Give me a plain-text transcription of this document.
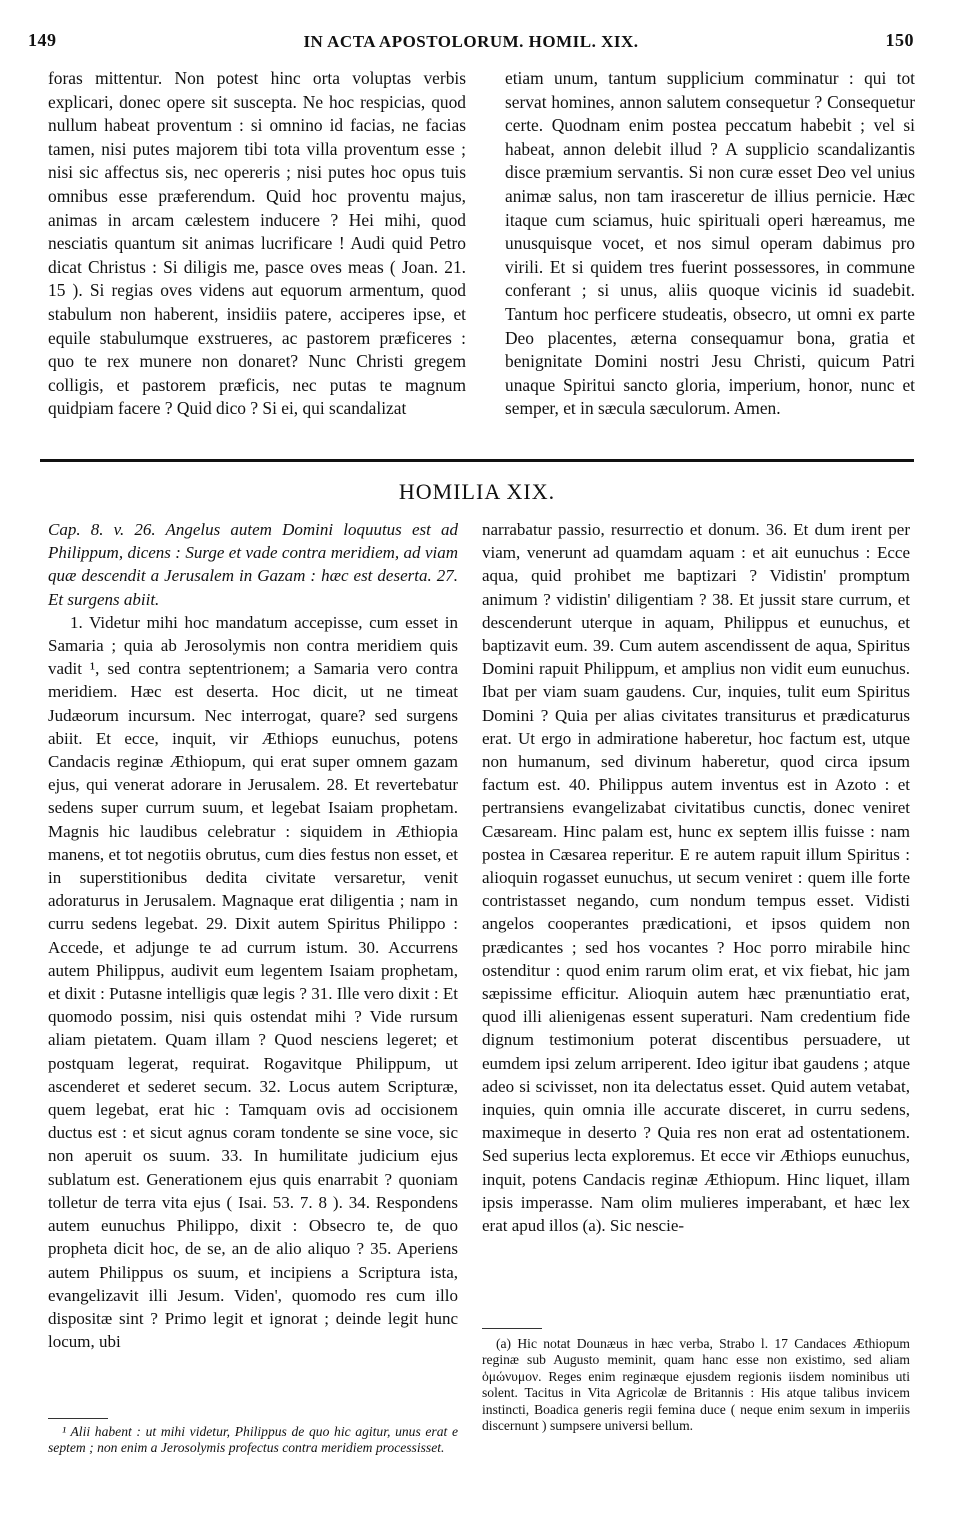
149	IN ACTA APOSTOLORUM. HOMIL. XIX.	150

foras mittentur. Non potest hinc orta voluptas verbis explicari, donec opere sit suscepta. Ne hoc respicias, quod nullum habeat proventum : si omnino id facias, ne facias tamen, nisi putes majorem tibi tota villa proventum esse ; nisi sic affectus sis, nec opereris ; nisi putes hoc opus tuis omnibus esse præferendum. Quid hoc proventu majus, animas in arcam cælestem inducere ? Hei mihi, quod nesciatis quantum sit animas lucrificare ! Audi quid Petro dicat Christus : Si diligis me, pasce oves meas ( Joan. 21. 15 ). Si regias oves videns aut equorum armentum, quod stabulum non haberent, insidiis patere, acciperes ipse, et equile stabulumque exstrueres, ac pastorem præficeres : quo te rex munere non donaret? Nunc Christi gregem colligis, et pastorem præficis, nec putas te magnum quidpiam facere ? Quid dico ? Si ei, qui scandalizat

etiam unum, tantum supplicium comminatur : qui tot servat homines, annon salutem consequetur ? Consequetur certe. Quodnam enim postea peccatum habebit ; vel si habeat, annon delebit illud ? A supplicio scandalizantis disce præmium servantis. Si non curæ esset Deo vel unius animæ salus, non tam irasceretur de illius pernicie. Hæc itaque cum sciamus, huic spirituali operi hæreamus, me unusquisque vocet, et nos simul operam dabimus pro virili. Et si quidem tres fuerint possessores, in commune conferant ; si unus, aliis quoque vicinis id suadebit. Tantum hoc perficere studeatis, obsecro, ut omni ex parte Deo placentes, æterna consequamur bona, gratia et benignitate Domini nostri Jesu Christi, quicum Patri unaque Spiritui sancto gloria, imperium, honor, nunc et semper, et in sæcula sæculorum. Amen.

HOMILIA XIX.

Cap. 8. v. 26. Angelus autem Domini loquutus est ad Philippum, dicens : Surge et vade contra meridiem, ad viam quæ descendit a Jerusalem in Gazam : hæc est deserta. 27. Et surgens abiit.

1. Videtur mihi hoc mandatum accepisse, cum esset in Samaria ; quia ab Jerosolymis non contra meridiem quis vadit ¹, sed contra septentrionem; a Samaria vero contra meridiem. Hæc est deserta. Hoc dicit, ut ne timeat Judæorum incursum. Nec interrogat, quare? sed surgens abiit. Et ecce, inquit, vir Æthiops eunuchus, potens Candacis reginæ Æthiopum, qui erat super omnem gazam ejus, qui venerat adorare in Jerusalem. 28. Et revertebatur sedens super currum suum, et legebat Isaiam prophetam. Magnis hic laudibus celebratur : siquidem in Æthiopia manens, et tot negotiis obrutus, cum dies festus non esset, et in superstitionibus dedita civitate versaretur, venit adoraturus in Jerusalem. Magnaque erat diligentia ; nam in curru sedens legebat. 29. Dixit autem Spiritus Philippo : Accede, et adjunge te ad currum istum. 30. Accurrens autem Philippus, audivit eum legentem Isaiam prophetam, et dixit : Putasne intelligis quæ legis ? 31. Ille vero dixit : Et quomodo possim, nisi quis ostendat mihi ? Vide rursum aliam pietatem. Quam illam ? Quod nesciens legeret; et postquam legerat, requirat. Rogavitque Philippum, ut ascenderet et sederet secum. 32. Locus autem Scripturæ, quem legebat, erat hic : Tamquam ovis ad occisionem ductus est : et sicut agnus coram tondente se sine voce, sic non aperuit os suum. 33. In humilitate judicium ejus sublatum est. Generationem ejus quis enarrabit ? quoniam tolletur de terra vita ejus ( Isai. 53. 7. 8 ). 34. Respondens autem eunuchus Philippo, dixit : Obsecro te, de quo propheta dicit hoc, de se, an de alio aliquo ? 35. Aperiens autem Philippus os suum, et incipiens a Scriptura ista, evangelizavit illi Jesum. Viden', quomodo res cum illo dispositæ sint ? Primo legit et ignorat ; deinde legit hunc locum, ubi

narrabatur passio, resurrectio et donum. 36. Et dum irent per viam, venerunt ad quamdam aquam : et ait eunuchus : Ecce aqua, quid prohibet me baptizari ? Vidistin' promptum animum ? vidistin' diligentiam ? 38. Et jussit stare currum, et descenderunt uterque in aquam, Philippus et eunuchus, et baptizavit eum. 39. Cum autem ascendissent de aqua, Spiritus Domini rapuit Philippum, et amplius non vidit eum eunuchus. Ibat per viam suam gaudens. Cur, inquies, tulit eum Spiritus Domini ? Quia per alias civitates transiturus et prædicaturus erat. Ut ergo in admiratione haberetur, hoc factum est, utque non humanum, sed divinum haberetur, quod circa ipsum factum est. 40. Philippus autem inventus est in Azoto : et pertransiens evangelizabat civitatibus cunctis, donec veniret Cæsaream. Hinc palam est, hunc ex septem illis fuisse : nam postea in Cæsarea reperitur. E re autem rapuit illum Spiritus : alioquin rogasset eunuchus, ut secum veniret : quem ille forte contristasset negando, cum nondum tempus esset. Vidisti angelos cooperantes prædicationi, et ipsos quidem non prædicantes ; sed hos vocantes ? Hoc porro mirabile hinc ostenditur : quod enim rarum olim erat, et vix fiebat, hic jam sæpissime efficitur. Alioquin autem hæc prænuntiatio erat, quod illi alienigenas essent superaturi. Nam credentium fide dignum testimonium poterat discentibus persuadere, ut eumdem ipsi zelum arriperent. Ideo igitur ibat gaudens ; atque adeo si scivisset, non ita delectatus esset. Quid autem vetabat, inquies, quin omnia ille accurate disceret, in curru sedens, maximeque in deserto ? Quia res non erat ad ostentationem. Sed superius lecta exploremus. Et ecce vir Æthiops eunuchus, inquit, potens Candacis reginæ Æthiopum. Hinc liquet, illam ipsis imperasse. Nam olim mulieres imperabant, et hæc lex erat apud illos (a). Sic nescie-

(a) Hic notat Dounæus in hæc verba, Strabo l. 17 Candaces Æthiopum reginæ sub Augusto meminit, quam hanc esse non existimo, sed aliam ὁμώνυμον. Reges enim reginæque ejusdem regionis iisdem nominibus uti solent. Tacitus in Vita Agricolæ de Britannis : His atque talibus invicem instincti, Boadica generis regii femina duce ( neque enim sexum in imperiis discernunt ) sumpsere universi bellum.

¹ Alii habent : ut mihi videtur, Philippus de quo hic agitur, unus erat e septem ; non enim a Jerosolymis profectus contra meridiem processisset.
